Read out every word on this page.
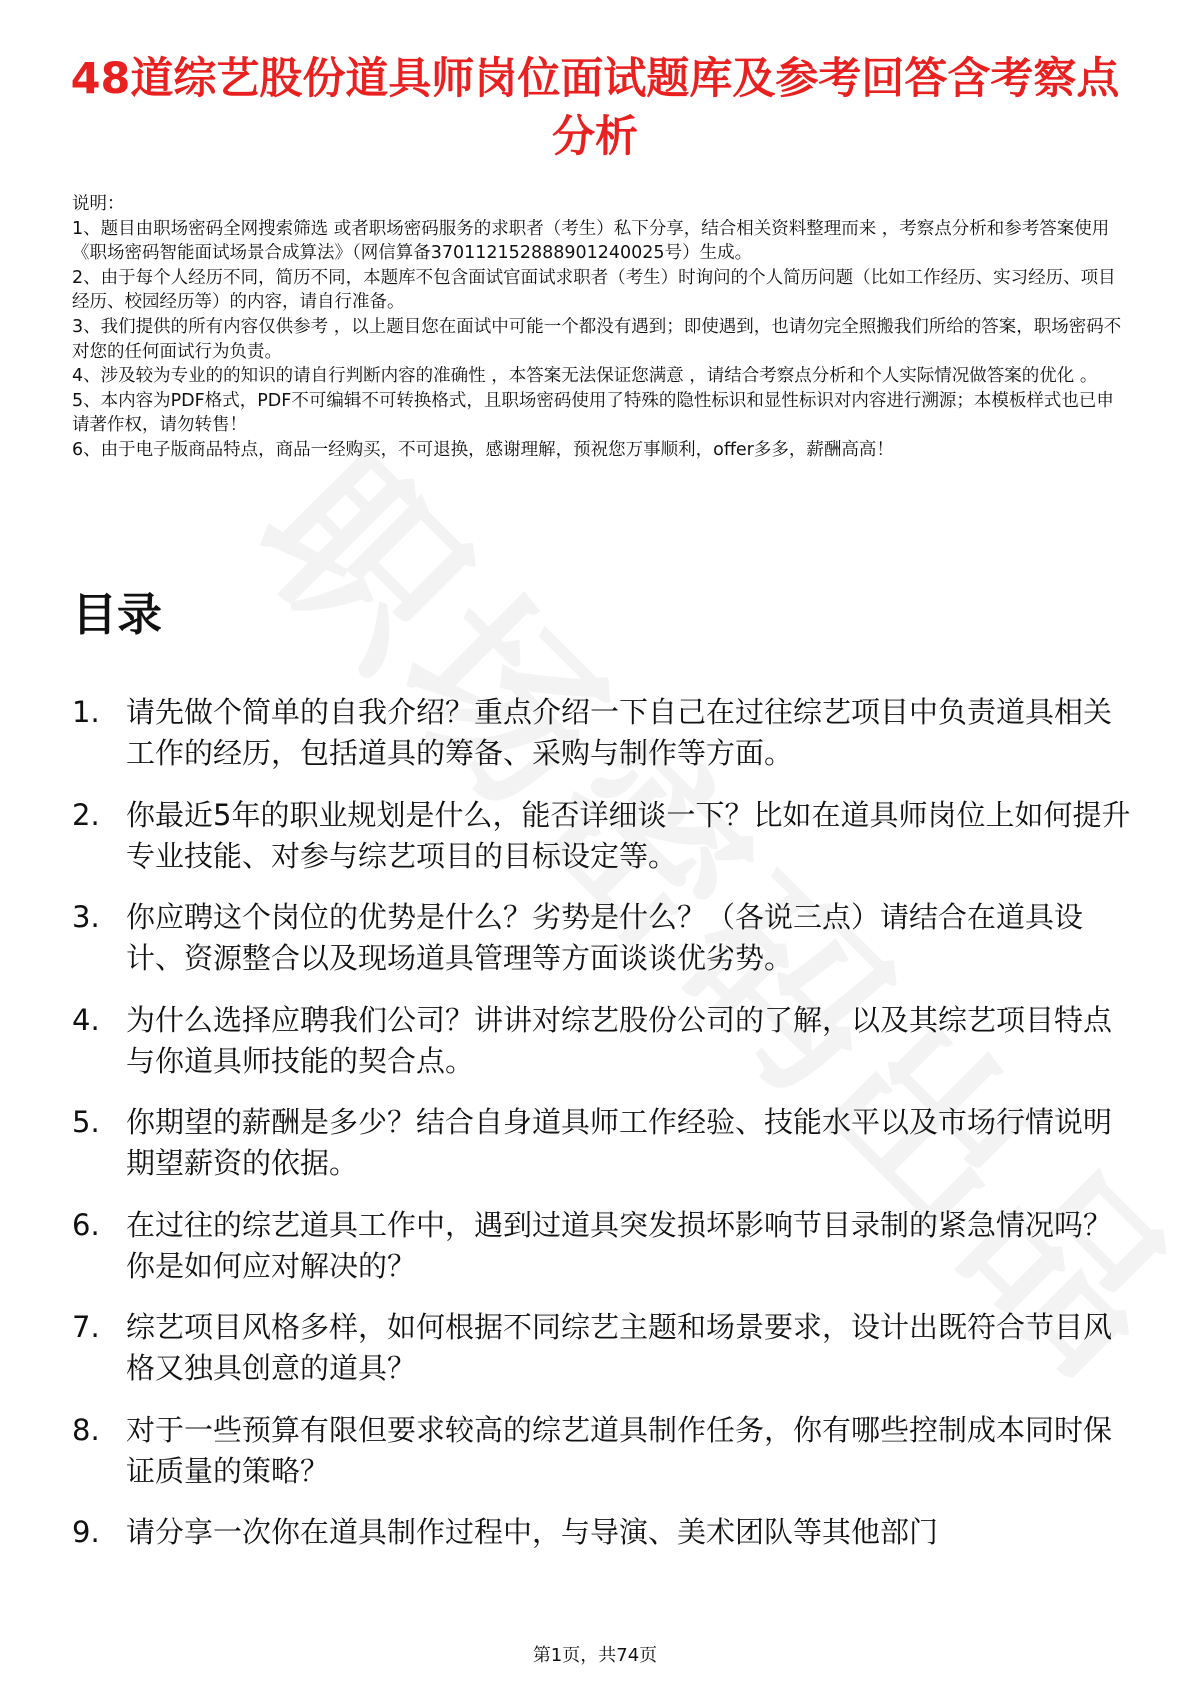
48道综艺股份道具师岗位面试题库及参考回答含考察点分析

说明：

1、题目由职场密码全网搜索筛选 或者职场密码服务的求职者（考生）私下分享，结合相关资料整理而来 ，考察点分析和参考答案使用《职场密码智能面试场景合成算法》（网信算备370112152888901240025号）生成。

2、由于每个人经历不同，简历不同，本题库不包含面试官面试求职者（考生）时询问的个人简历问题（比如工作经历、实习经历、项目经历、校园经历等）的内容，请自行准备。

3、我们提供的所有内容仅供参考 ，以上题目您在面试中可能一个都没有遇到；即使遇到，也请勿完全照搬我们所给的答案，职场密码不对您的任何面试行为负责。

4、涉及较为专业的的知识的请自行判断内容的准确性 ，本答案无法保证您满意 ，请结合考察点分析和个人实际情况做答案的优化 。

5、本内容为PDF格式，PDF不可编辑不可转换格式，且职场密码使用了特殊的隐性标识和显性标识对内容进行溯源；本模板样式也已申请著作权，请勿转售！

6、由于电子版商品特点，商品一经购买，不可退换，感谢理解，预祝您万事顺利，offer多多，薪酬高高！

目录
1. 请先做个简单的自我介绍？重点介绍一下自己在过往综艺项目中负责道具相关工作的经历，包括道具的筹备、采购与制作等方面。
2. 你最近5年的职业规划是什么，能否详细谈一下？比如在道具师岗位上如何提升专业技能、对参与综艺项目的目标设定等。
3. 你应聘这个岗位的优势是什么？劣势是什么？（各说三点）请结合在道具设计、资源整合以及现场道具管理等方面谈谈优劣势。
4. 为什么选择应聘我们公司？讲讲对综艺股份公司的了解，以及其综艺项目特点与你道具师技能的契合点。
5. 你期望的薪酬是多少？结合自身道具师工作经验、技能水平以及市场行情说明期望薪资的依据。
6. 在过往的综艺道具工作中，遇到过道具突发损坏影响节目录制的紧急情况吗？你是如何应对解决的？
7. 综艺项目风格多样，如何根据不同综艺主题和场景要求，设计出既符合节目风格又独具创意的道具？
8. 对于一些预算有限但要求较高的综艺道具制作任务，你有哪些控制成本同时保证质量的策略？
9. 请分享一次你在道具制作过程中，与导演、美术团队等其他部门
第1页，共74页
